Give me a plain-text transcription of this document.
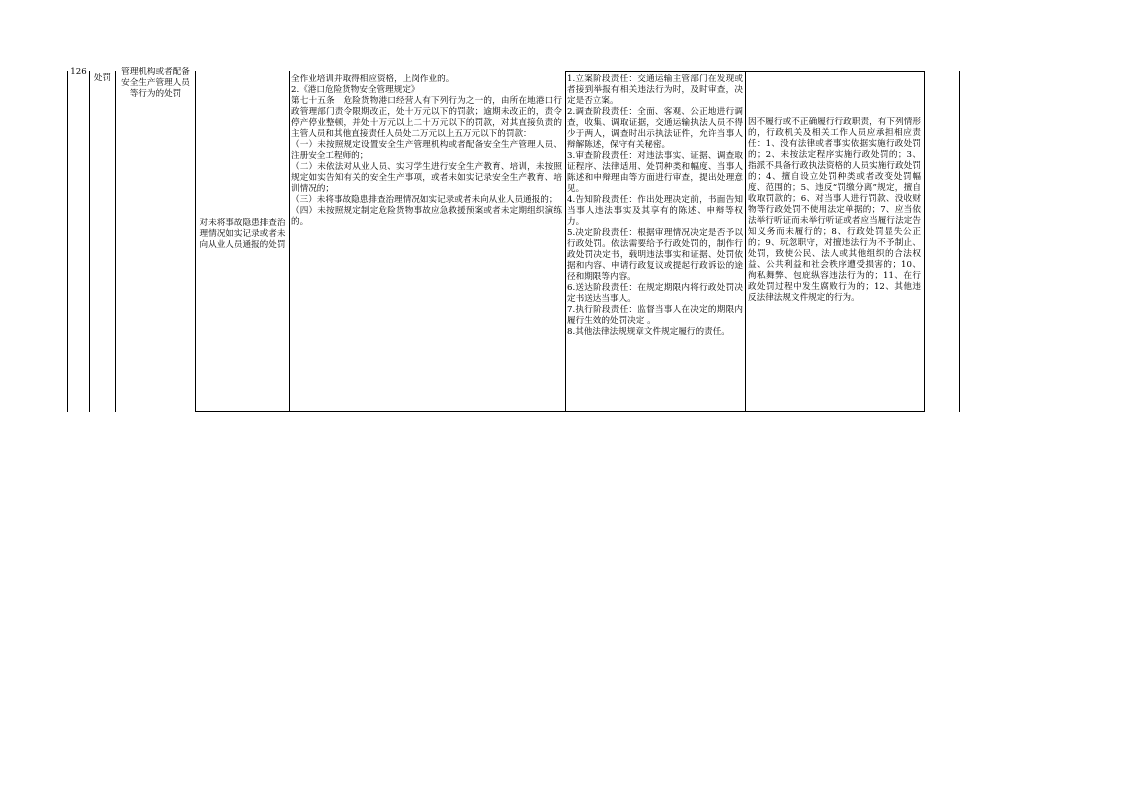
126
处罚

管理机构或者配备安全生产管理人员等行为的处罚

对未将事故隐患排查治理情况如实记录或者未向从业人员通报的处罚

全作业培训并取得相应资格，上岗作业的。

2.《港口危险货物安全管理规定》

第七十五条　危险货物港口经营人有下列行为之一的，由所在地港口行政管理部门责令限期改正，处十万元以下的罚款；逾期未改正的，责令停产停业整顿，并处十万元以上二十万元以下的罚款，对其直接负责的主管人员和其他直接责任人员处二万元以上五万元以下的罚款：

（一）未按照规定设置安全生产管理机构或者配备安全生产管理人员、注册安全工程师的；

（二）未依法对从业人员、实习学生进行安全生产教育、培训，未按照规定如实告知有关的安全生产事项，或者未如实记录安全生产教育、培训情况的；

（三）未将事故隐患排查治理情况如实记录或者未向从业人员通报的；

（四）未按照规定制定危险货物事故应急救援预案或者未定期组织演练的。

1.立案阶段责任：交通运输主管部门在发现或者接到举报有相关违法行为时，及时审查，决定是否立案。

2.调查阶段责任：全面、客观、公正地进行调查，收集、调取证据，交通运输执法人员不得少于两人，调查时出示执法证件，允许当事人辩解陈述，保守有关秘密。

3.审查阶段责任：对违法事实、证据、调查取证程序、法律适用、处罚种类和幅度、当事人陈述和申辩理由等方面进行审查，提出处理意见。

4.告知阶段责任：作出处理决定前，书面告知当事人违法事实及其享有的陈述、申辩等权力。

5.决定阶段责任：根据审理情况决定是否予以行政处罚。依法需要给予行政处罚的，制作行政处罚决定书，载明违法事实和证据、处罚依据和内容、申请行政复议或提起行政诉讼的途径和期限等内容。

6.送达阶段责任：在规定期限内将行政处罚决定书送达当事人。

7.执行阶段责任：监督当事人在决定的期限内履行生效的处罚决定 。

8.其他法律法规规章文件规定履行的责任。

因不履行或不正确履行行政职责，有下列情形的，行政机关及相关工作人员应承担相应责任：1、没有法律或者事实依据实施行政处罚的；2、未按法定程序实施行政处罚的；3、指派不具备行政执法资格的人员实施行政处罚的；4、擅自设立处罚种类或者改变处罚幅度、范围的；5、违反“罚缴分离”规定，擅自收取罚款的；6、对当事人进行罚款、没收财物等行政处罚不使用法定单据的；7、应当依法举行听证而未举行听证或者应当履行法定告知义务而未履行的；8、行政处罚显失公正的；9、玩忽职守，对擅违法行为不予制止、处罚，致使公民、法人或其他组织的合法权益、公共利益和社会秩序遭受损害的；10、徇私舞弊、包庇纵容违法行为的；11、在行政处罚过程中发生腐败行为的；12、其他违反法律法规文件规定的行为。
